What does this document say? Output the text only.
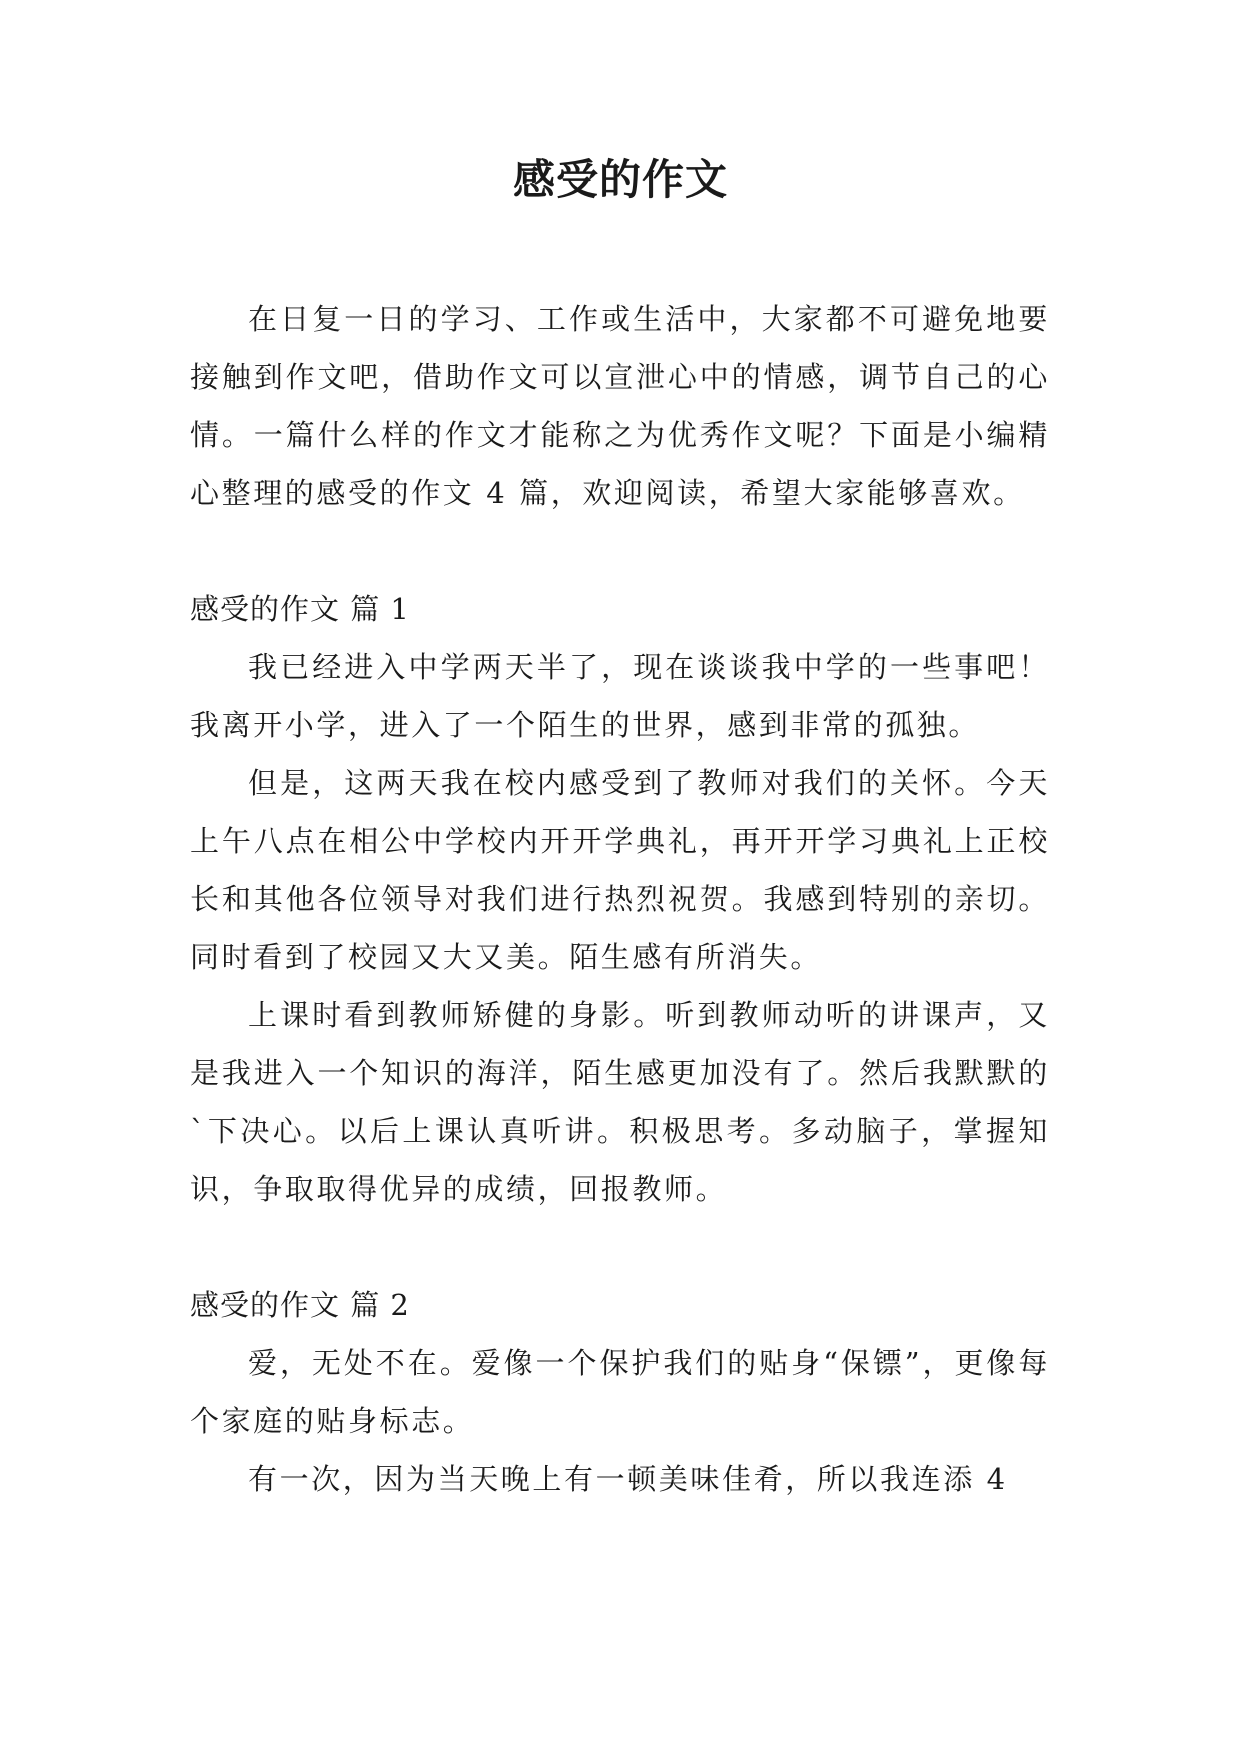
感受的作文

在日复一日的学习、工作或生活中，大家都不可避免地要接触到作文吧，借助作文可以宣泄心中的情感，调节自己的心情。一篇什么样的作文才能称之为优秀作文呢？下面是小编精心整理的感受的作文 4 篇，欢迎阅读，希望大家能够喜欢。

感受的作文 篇 1

我已经进入中学两天半了，现在谈谈我中学的一些事吧！我离开小学，进入了一个陌生的世界，感到非常的孤独。

但是，这两天我在校内感受到了教师对我们的关怀。今天上午八点在相公中学校内开开学典礼，再开开学习典礼上正校长和其他各位领导对我们进行热烈祝贺。我感到特别的亲切。同时看到了校园又大又美。陌生感有所消失。

上课时看到教师矫健的身影。听到教师动听的讲课声，又是我进入一个知识的海洋，陌生感更加没有了。然后我默默的`下决心。以后上课认真听讲。积极思考。多动脑子，掌握知识，争取取得优异的成绩，回报教师。

感受的作文 篇 2

爱，无处不在。爱像一个保护我们的贴身“保镖”，更像每个家庭的贴身标志。

有一次，因为当天晚上有一顿美味佳肴，所以我连添 4
